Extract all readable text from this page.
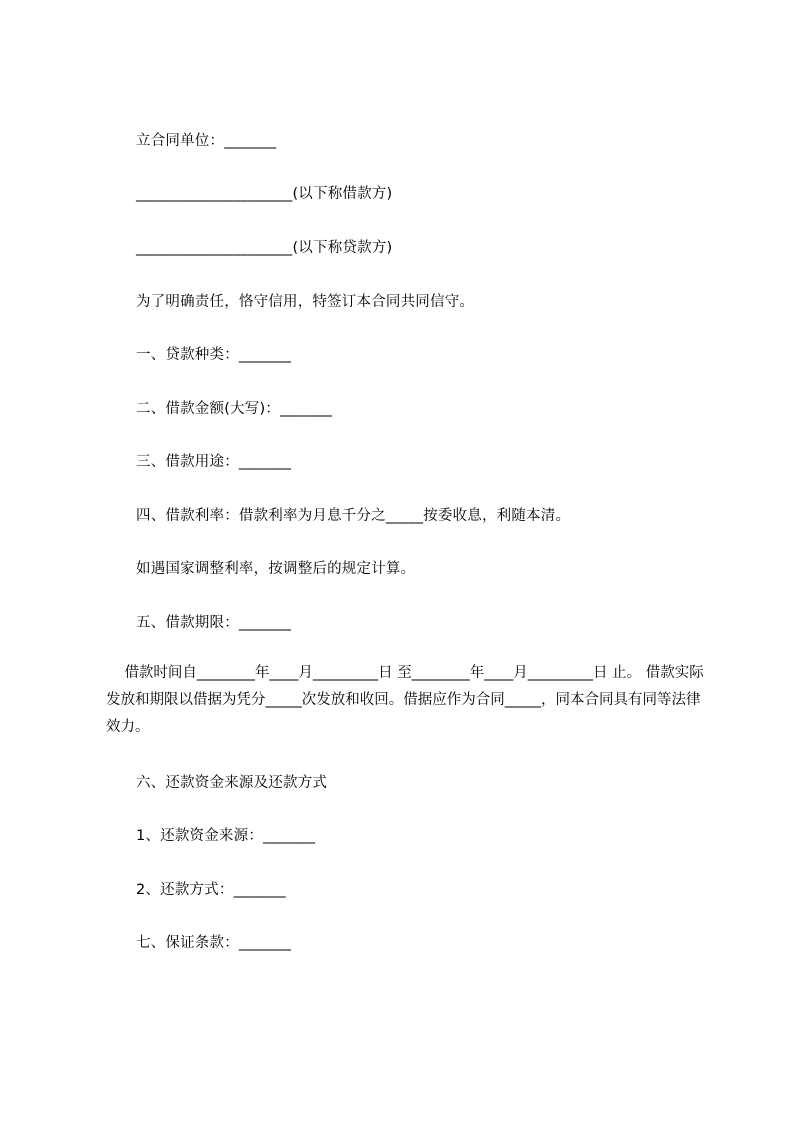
立合同单位：_______
_____________________(以下称借款方)
_____________________(以下称贷款方)
为了明确责任，恪守信用，特签订本合同共同信守。
一、贷款种类：_______
二、借款金额(大写)：_______
三、借款用途：_______
四、借款利率：借款利率为月息千分之_____按委收息，利随本清。
如遇国家调整利率，按调整后的规定计算。
五、借款期限：_______
借款时间自________年____月_________日 至________年____月_________日 止。 借款实际发放和期限以借据为凭分_____次发放和收回。借据应作为合同_____，同本合同具有同等法律效力。
六、还款资金来源及还款方式
1、还款资金来源：_______
2、还款方式：_______
七、保证条款：_______
